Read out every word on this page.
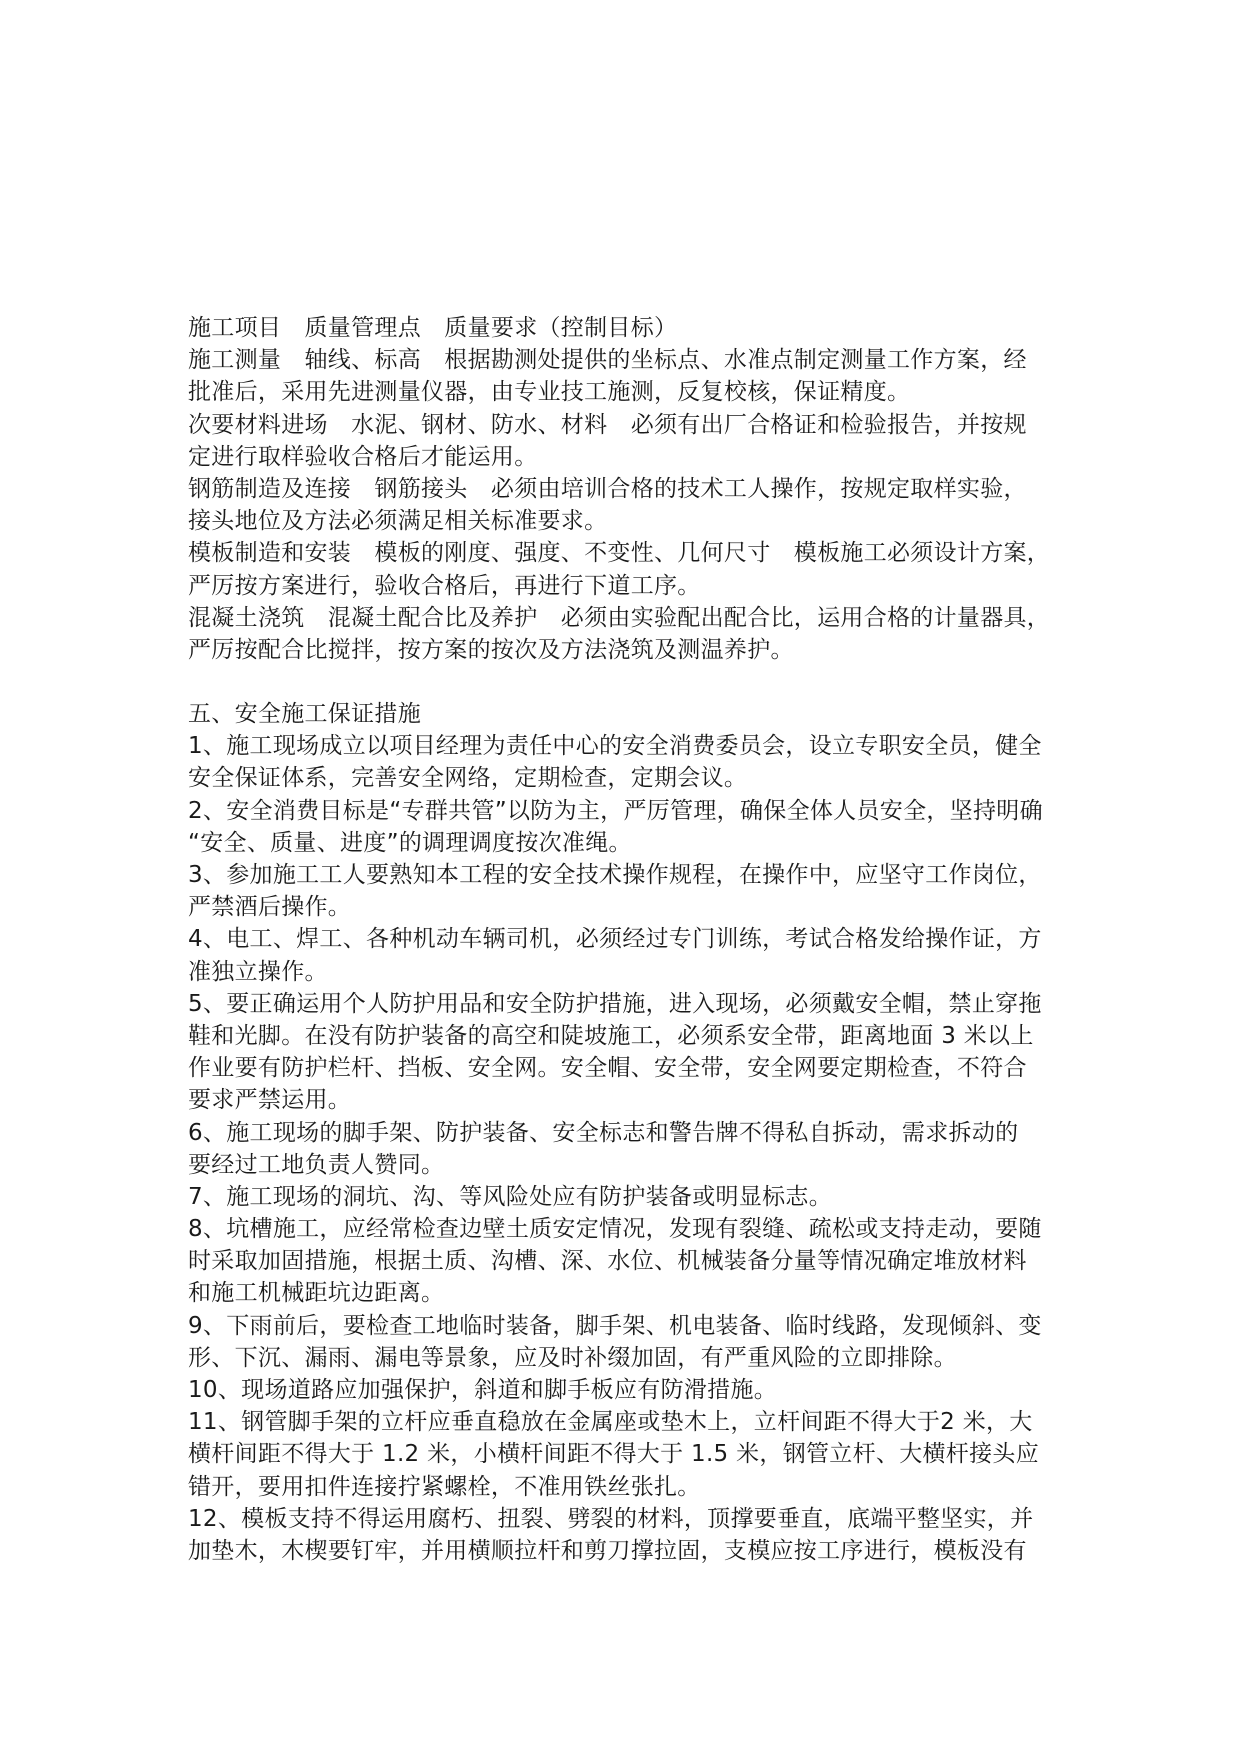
施工项目　质量管理点　质量要求（控制目标）
施工测量　轴线、标高　根据勘测处提供的坐标点、水准点制定测量工作方案，经
批准后，采用先进测量仪器，由专业技工施测，反复校核，保证精度。
次要材料进场　水泥、钢材、防水、材料　必须有出厂合格证和检验报告，并按规
定进行取样验收合格后才能运用。
钢筋制造及连接　钢筋接头　必须由培训合格的技术工人操作，按规定取样实验，
接头地位及方法必须满足相关标准要求。
模板制造和安装　模板的刚度、强度、不变性、几何尺寸　模板施工必须设计方案，
严厉按方案进行，验收合格后，再进行下道工序。
混凝土浇筑　混凝土配合比及养护　必须由实验配出配合比，运用合格的计量器具，
严厉按配合比搅拌，按方案的按次及方法浇筑及测温养护。
五、安全施工保证措施
1、施工现场成立以项目经理为责任中心的安全消费委员会，设立专职安全员，健全
安全保证体系，完善安全网络，定期检查，定期会议。
2、安全消费目标是“专群共管”以防为主，严厉管理，确保全体人员安全，坚持明确
“安全、质量、进度”的调理调度按次准绳。
3、参加施工工人要熟知本工程的安全技术操作规程，在操作中，应坚守工作岗位，
严禁酒后操作。
4、电工、焊工、各种机动车辆司机，必须经过专门训练，考试合格发给操作证，方
准独立操作。
5、要正确运用个人防护用品和安全防护措施，进入现场，必须戴安全帽，禁止穿拖
鞋和光脚。在没有防护装备的高空和陡坡施工，必须系安全带，距离地面 3 米以上
作业要有防护栏杆、挡板、安全网。安全帽、安全带，安全网要定期检查，不符合
要求严禁运用。
6、施工现场的脚手架、防护装备、安全标志和警告牌不得私自拆动，需求拆动的
要经过工地负责人赞同。
7、施工现场的洞坑、沟、等风险处应有防护装备或明显标志。
8、坑槽施工，应经常检查边壁土质安定情况，发现有裂缝、疏松或支持走动，要随
时采取加固措施，根据土质、沟槽、深、水位、机械装备分量等情况确定堆放材料
和施工机械距坑边距离。
9、下雨前后，要检查工地临时装备，脚手架、机电装备、临时线路，发现倾斜、变
形、下沉、漏雨、漏电等景象，应及时补缀加固，有严重风险的立即排除。
10、现场道路应加强保护，斜道和脚手板应有防滑措施。
11、钢管脚手架的立杆应垂直稳放在金属座或垫木上，立杆间距不得大于2 米，大
横杆间距不得大于 1.2 米，小横杆间距不得大于 1.5 米，钢管立杆、大横杆接头应
错开，要用扣件连接拧紧螺栓，不准用铁丝张扎。
12、模板支持不得运用腐朽、扭裂、劈裂的材料，顶撑要垂直，底端平整坚实，并
加垫木，木楔要钉牢，并用横顺拉杆和剪刀撑拉固，支模应按工序进行，模板没有
